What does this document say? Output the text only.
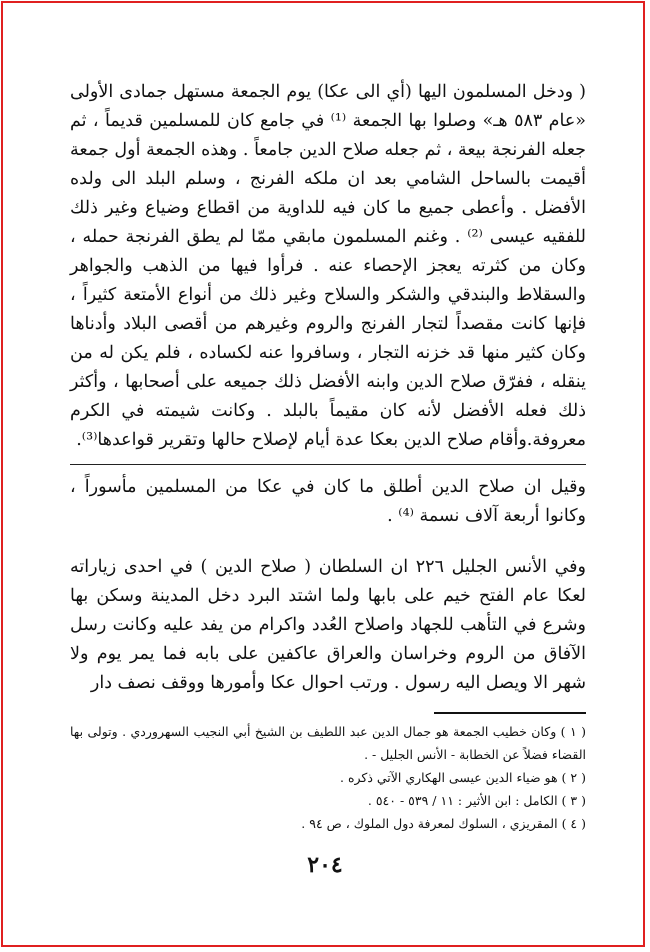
( ودخل المسلمون اليها (أي الى عكا) يوم الجمعة مستهل جمادى الأولى «عام ٥٨٣ هـ» وصلوا بها الجمعة ⁽¹⁾ في جامع كان للمسلمين قديماً ، ثم جعله الفرنجة بيعة ، ثم جعله صلاح الدين جامعاً . وهذه الجمعة أول جمعة أقيمت بالساحل الشامي بعد ان ملكه الفرنج ، وسلم البلد الى ولده الأفضل . وأعطى جميع ما كان فيه للداوية من اقطاع وضياع وغير ذلك للفقيه عيسى ⁽²⁾ . وغنم المسلمون مابقي ممّا لم يطق الفرنجة حمله ، وكان من كثرته يعجز الإحصاء عنه . فرأوا فيها من الذهب والجواهر والسقلاط والبندقي والشكر والسلاح وغير ذلك من أنواع الأمتعة كثيراً ، فإنها كانت مقصداً لتجار الفرنج والروم وغيرهم من أقصى البلاد وأدناها وكان كثير منها قد خزنه التجار ، وسافروا عنه لكساده ، فلم يكن له من ينقله ، ففرّق صلاح الدين وابنه الأفضل ذلك جميعه على أصحابها ، وأكثر ذلك فعله الأفضل لأنه كان مقيماً بالبلد . وكانت شيمته في الكرم معروفة.وأقام صلاح الدين بعكا عدة أيام لإصلاح حالها وتقرير قواعدها⁽³⁾.

وقيل ان صلاح الدين أطلق ما كان في عكا من المسلمين مأسوراً ، وكانوا أربعة آلاف نسمة ⁽⁴⁾ .

وفي الأنس الجليل ٢٢٦ ان السلطان ( صلاح الدين ) في احدى زياراته لعكا عام الفتح خيم على بابها ولما اشتد البرد دخل المدينة وسكن بها وشرع في التأهب للجهاد واصلاح العُدد واكرام من يفد عليه وكانت رسل الآفاق من الروم وخراسان والعراق عاكفين على بابه فما يمر يوم ولا شهر الا ويصل اليه رسول . ورتب احوال عكا وأمورها ووقف نصف دار

( ١ ) وكان خطيب الجمعة هو جمال الدين عبد اللطيف بن الشيخ أبي النجيب السهروردي . وتولى بها القضاء فضلاً عن الخطابة - الأنس الجليل - .
( ٢ ) هو ضياء الدين عيسى الهكاري الآتي ذكره .
( ٣ ) الكامل : ابن الأثير : ١١ / ٥٣٩ - ٥٤٠ .
( ٤ ) المقريزي ، السلوك لمعرفة دول الملوك ، ص ٩٤ .
٢٠٤
